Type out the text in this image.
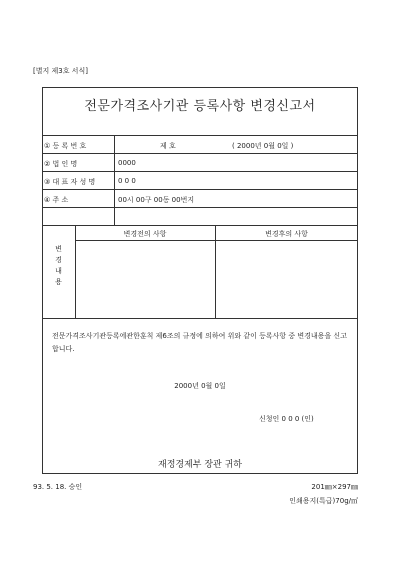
[별지 제3호 서식]
전문가격조사기관 등록사항 변경신고서
① 등 록 번 호	제 호	( 2000년 0월 0일 )
② 법 인 명	0000
③ 대 표 자 성 명	0 0 0
④ 주 소	00시 00구 00동 00번지
변
경
내
용
변경전의 사항	변경후의 사항
전문가격조사기관등록에관한훈칙 제6조의 규정에 의하여 위와 같이 등록사항 중 변경내용을 신고합니다.
2000년 0월 0일
신청인 0 0 0 (인)
재정경제부 장관 귀하
93. 5. 18. 승인	201㎜×297㎜
인쇄용지(특급)70g/㎡
